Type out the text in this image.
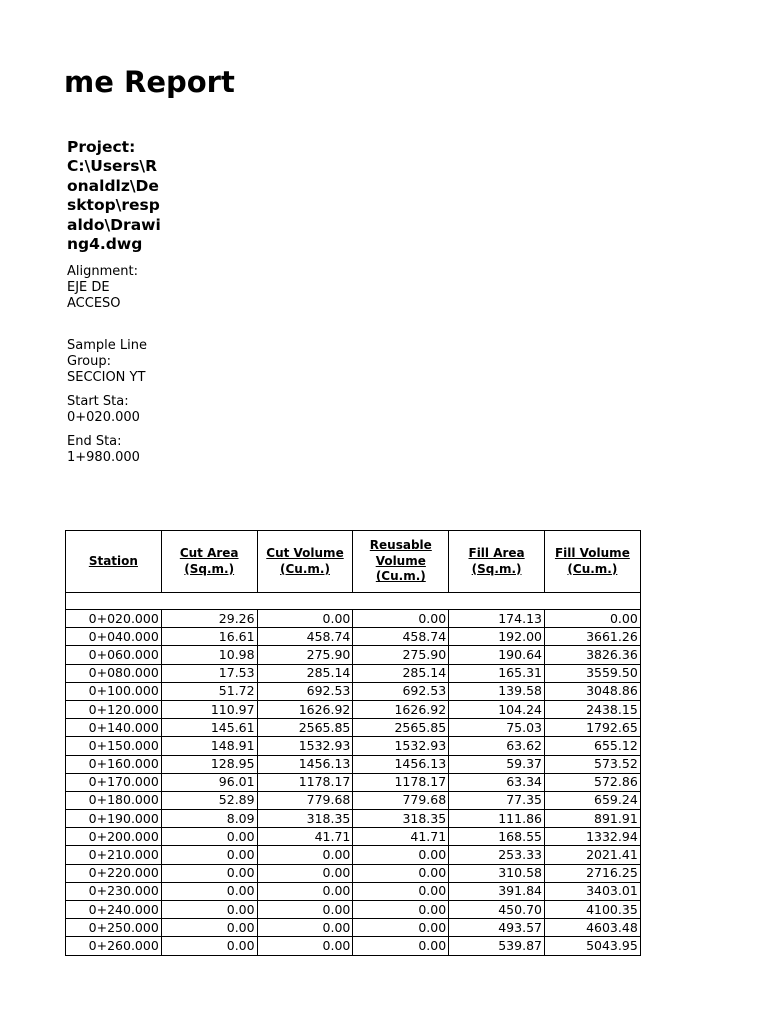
me Report

Project: C:\Users\Ronaldlz\Desktop\respaldo\Drawing4.dwg

Alignment:
EJE DE ACCESO

Sample Line Group: SECCION YT

Start Sta: 0+020.000

End Sta: 1+980.000

Station	Cut Area (Sq.m.)	Cut Volume (Cu.m.)	Reusable Volume (Cu.m.)	Fill Area (Sq.m.)	Fill Volume (Cu.m.)

0+020.000	29.26	0.00	0.00	174.13	0.00
0+040.000	16.61	458.74	458.74	192.00	3661.26
0+060.000	10.98	275.90	275.90	190.64	3826.36
0+080.000	17.53	285.14	285.14	165.31	3559.50
0+100.000	51.72	692.53	692.53	139.58	3048.86
0+120.000	110.97	1626.92	1626.92	104.24	2438.15
0+140.000	145.61	2565.85	2565.85	75.03	1792.65
0+150.000	148.91	1532.93	1532.93	63.62	655.12
0+160.000	128.95	1456.13	1456.13	59.37	573.52
0+170.000	96.01	1178.17	1178.17	63.34	572.86
0+180.000	52.89	779.68	779.68	77.35	659.24
0+190.000	8.09	318.35	318.35	111.86	891.91
0+200.000	0.00	41.71	41.71	168.55	1332.94
0+210.000	0.00	0.00	0.00	253.33	2021.41
0+220.000	0.00	0.00	0.00	310.58	2716.25
0+230.000	0.00	0.00	0.00	391.84	3403.01
0+240.000	0.00	0.00	0.00	450.70	4100.35
0+250.000	0.00	0.00	0.00	493.57	4603.48
0+260.000	0.00	0.00	0.00	539.87	5043.95
